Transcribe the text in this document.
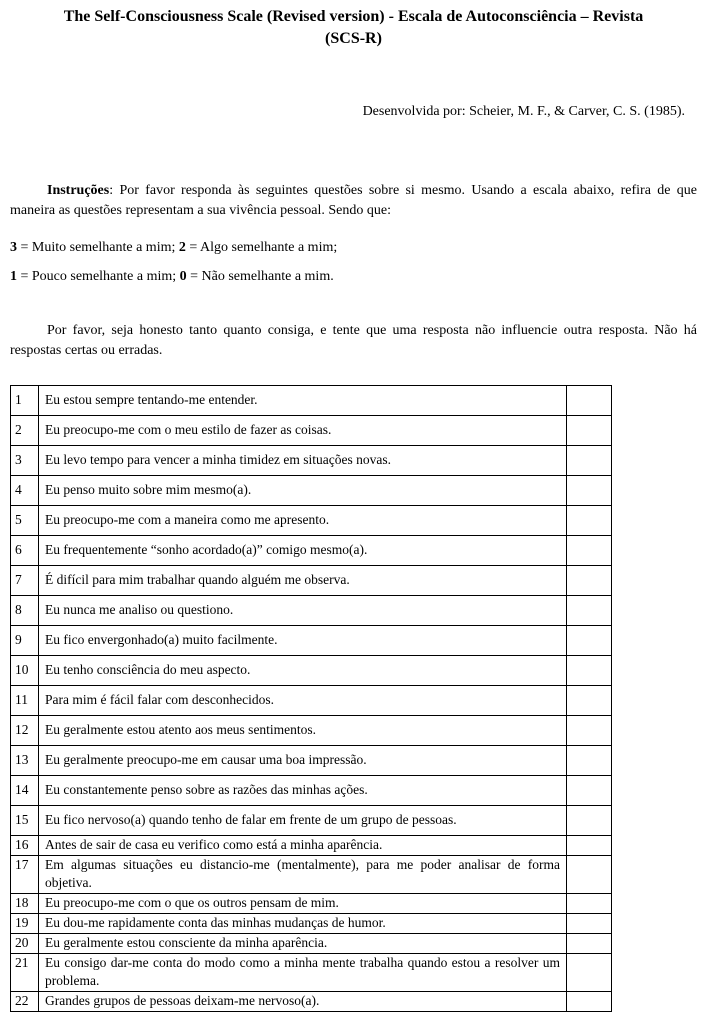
The Self-Consciousness Scale (Revised version) - Escala de Autoconsciência – Revista
(SCS-R)

Desenvolvida por: Scheier, M. F., & Carver, C. S. (1985).

Instruções: Por favor responda às seguintes questões sobre si mesmo. Usando a escala abaixo, refira de que maneira as questões representam a sua vivência pessoal. Sendo que:

3 = Muito semelhante a mim; 2 = Algo semelhante a mim;

1 = Pouco semelhante a mim; 0 = Não semelhante a mim.

Por favor, seja honesto tanto quanto consiga, e tente que uma resposta não influencie outra resposta. Não há respostas certas ou erradas.

1	Eu estou sempre tentando-me entender.	
2	Eu preocupo-me com o meu estilo de fazer as coisas.	
3	Eu levo tempo para vencer a minha timidez em situações novas.	
4	Eu penso muito sobre mim mesmo(a).	
5	Eu preocupo-me com a maneira como me apresento.	
6	Eu frequentemente “sonho acordado(a)” comigo mesmo(a).	
7	É difícil para mim trabalhar quando alguém me observa.	
8	Eu nunca me analiso ou questiono.	
9	Eu fico envergonhado(a) muito facilmente.	
10	Eu tenho consciência do meu aspecto.	
11	Para mim é fácil falar com desconhecidos.	
12	Eu geralmente estou atento aos meus sentimentos.	
13	Eu geralmente preocupo-me em causar uma boa impressão.	
14	Eu constantemente penso sobre as razões das minhas ações.	
15	Eu fico nervoso(a) quando tenho de falar em frente de um grupo de pessoas.	
16	Antes de sair de casa eu verifico como está a minha aparência.	
17	Em algumas situações eu distancio-me (mentalmente), para me poder analisar de forma objetiva.	
18	Eu preocupo-me com o que os outros pensam de mim.	
19	Eu dou-me rapidamente conta das minhas mudanças de humor.	
20	Eu geralmente estou consciente da minha aparência.	
21	Eu consigo dar-me conta do modo como a minha mente trabalha quando estou a resolver um problema.	
22	Grandes grupos de pessoas deixam-me nervoso(a).	
